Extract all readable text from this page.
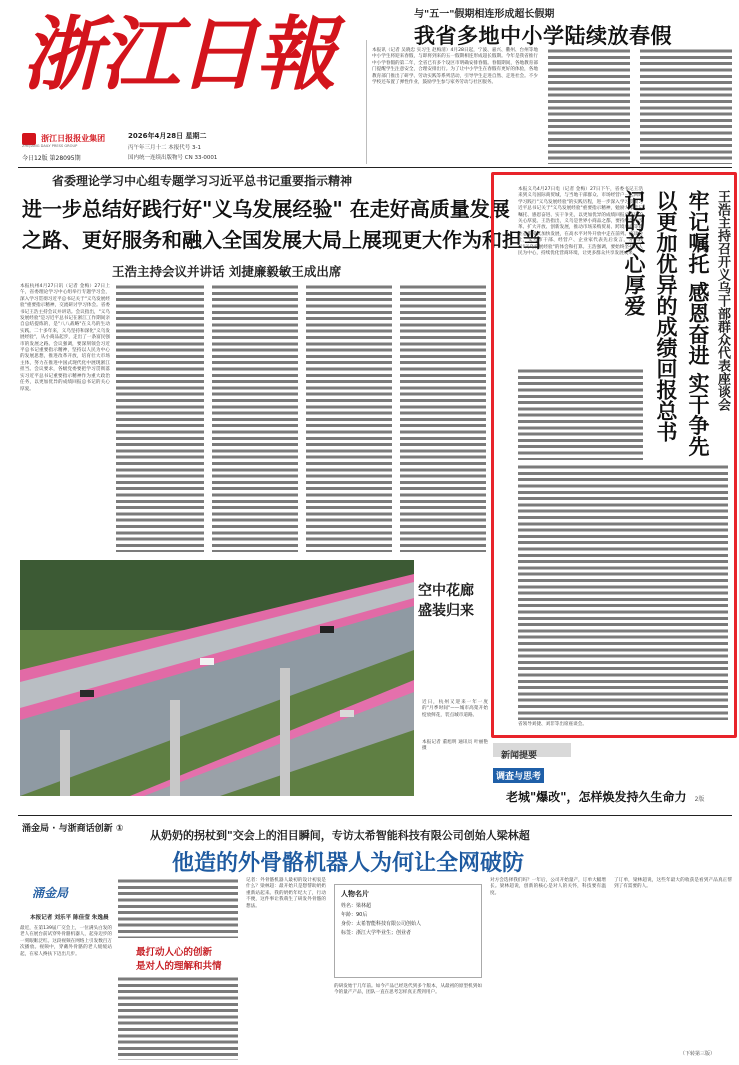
浙江日報
浙江日报报业集团
ZHEJIANG DAILY PRESS GROUP
今日12版 第28095期
2026年4月28日 星期二
丙午年三月十二 本报代号 3-1
国内统一连续出版物号 CN 33-0001
与"五一"假期相连形成超长假期
我省多地中小学陆续放春假
本报讯（记者 吴晓忠 实习生 赵梅清）4月28日起，宁波、嘉兴、衢州、台州等地中小学生将迎来春假，与即将到来的五一假期相连形成超长假期。今年是我省推行中小学春假的第二年，全省已有多个设区市明确安排春假。春假期间，各地教育部门提醒学生注意安全，合理安排出行。为了让中小学生在春假有更好的体验，各地教育部门推出了研学、劳动实践等系列活动，引导学生走进自然、走进社会。不少学校还布置了弹性作业，鼓励学生参与家务劳动与社区服务。
省委理论学习中心组专题学习习近平总书记重要指示精神
进一步总结好践行好"义乌发展经验" 在走好高质量发展
之路、更好服务和融入全国发展大局上展现更大作为和担当
王浩主持会议并讲话 刘捷廉毅敏王成出席
本报杭州4月27日讯（记者 金梅）27日上午，省委理论学习中心组举行专题学习会，深入学习贯彻习近平总书记关于"义乌发展经验"重要指示精神，交流研讨学习体会。省委书记王浩主持会议并讲话。会议指出，"义乌发展经验"是习近平总书记在浙江工作期间亲自总结提炼的，是"八八战略"在义乌的生动实践。二十多年来，义乌坚持和深化"义乌发展经验"，从小商品起步，走出了一条富民强市的发展之路。会议强调，要深刻领会习近平总书记重要指示精神，坚持以人民为中心的发展思想，推进改革开放，培育壮大市场主体，努力在推进中国式现代化中展现浙江担当。会议要求，各级党委要把学习贯彻落实习近平总书记重要指示精神作为重大政治任务，以更加优异的成绩回报总书记的关心厚爱。
本报义乌4月27日电（记者 金梅）27日下午，省委书记王浩来到义乌国际商贸城，与当地干部群众、市场经营户一起回顾学习践行"义乌发展经验"的实践历程，进一步深入学习贯彻习近平总书记关于"义乌发展经验"重要指示精神，勉励大家牢记嘱托、感恩奋进、实干争先，以更加优异的成绩回报总书记的关心厚爱。王浩指出，义乌是世界小商品之都，要持续深化改革、扩大开放、创新发展，推动市场采购贸易、跨境电商等新业态新模式加快发展，在高水平对外开放中走在前列。座谈会上，义乌市干部、经营户、企业家代表先后发言，分享践行"义乌发展经验"的体会和打算。王浩强调，要始终坚持以人民为中心，持续优化营商环境，让更多群众共享发展成果。
省领导刘捷、刘非等出席座谈会。
牢记嘱托 感恩奋进 实干争先 以更加优异的成绩回报总书记的关心厚爱	王浩主持召开义乌干部群众代表座谈会
空中花廊
盛装归来
近日，杭州又迎来一年一度的"月季时间"——城市高架开始绽放鲜花，装点城市道路。
本报记者 董旭明 通讯员 叶丽艳 摄
新闻提要
调查与思考
老城"爆改"，怎样焕发持久生命力 2版
涌金局 · 与浙商话创新 ① 从奶奶的拐杖到"交会上的泪目瞬间，专访太希智能科技有限公司创始人梁林超
他造的外骨骼机器人为何让全网破防
涌金局
本报记者 刘乐平 陈佳莹 朱逸晨
最近，在第139届广交会上，一位满头白发的老人在展台前试穿外骨骼机器人，起身迈步的一刻眼眶泛红。这段视频在网络上引发数百万次播放。视频中，穿戴外骨骼的老人缓缓站起，在家人搀扶下迈出几步。	最打动人心的创新
是对人的理解和共情
记者：外骨骼机器人最初的设计初衷是什么？梁林超：最开始只是想帮助奶奶重新站起来。我的奶奶年纪大了，行动不便，这件事让我萌生了研发外骨骼的想法。
人物名片
姓名：梁林超
年龄：90后
身份：太希智能科技有限公司创始人
标签：浙江大学毕业生；创业者
的研发始于几年前。如今产品已经迭代到多个版本，从最初的原型机到如今的量产产品，团队一直在思考怎样真正帮到用户。
对方会选择我们吗？一年后，公司开始量产，订单大幅增长。梁林超说，创新的核心是对人的关怀，科技要有温度。
了订单，梁林超说，这些年最大的收获是看到产品真正帮到了有需要的人。
（下转第三版）
